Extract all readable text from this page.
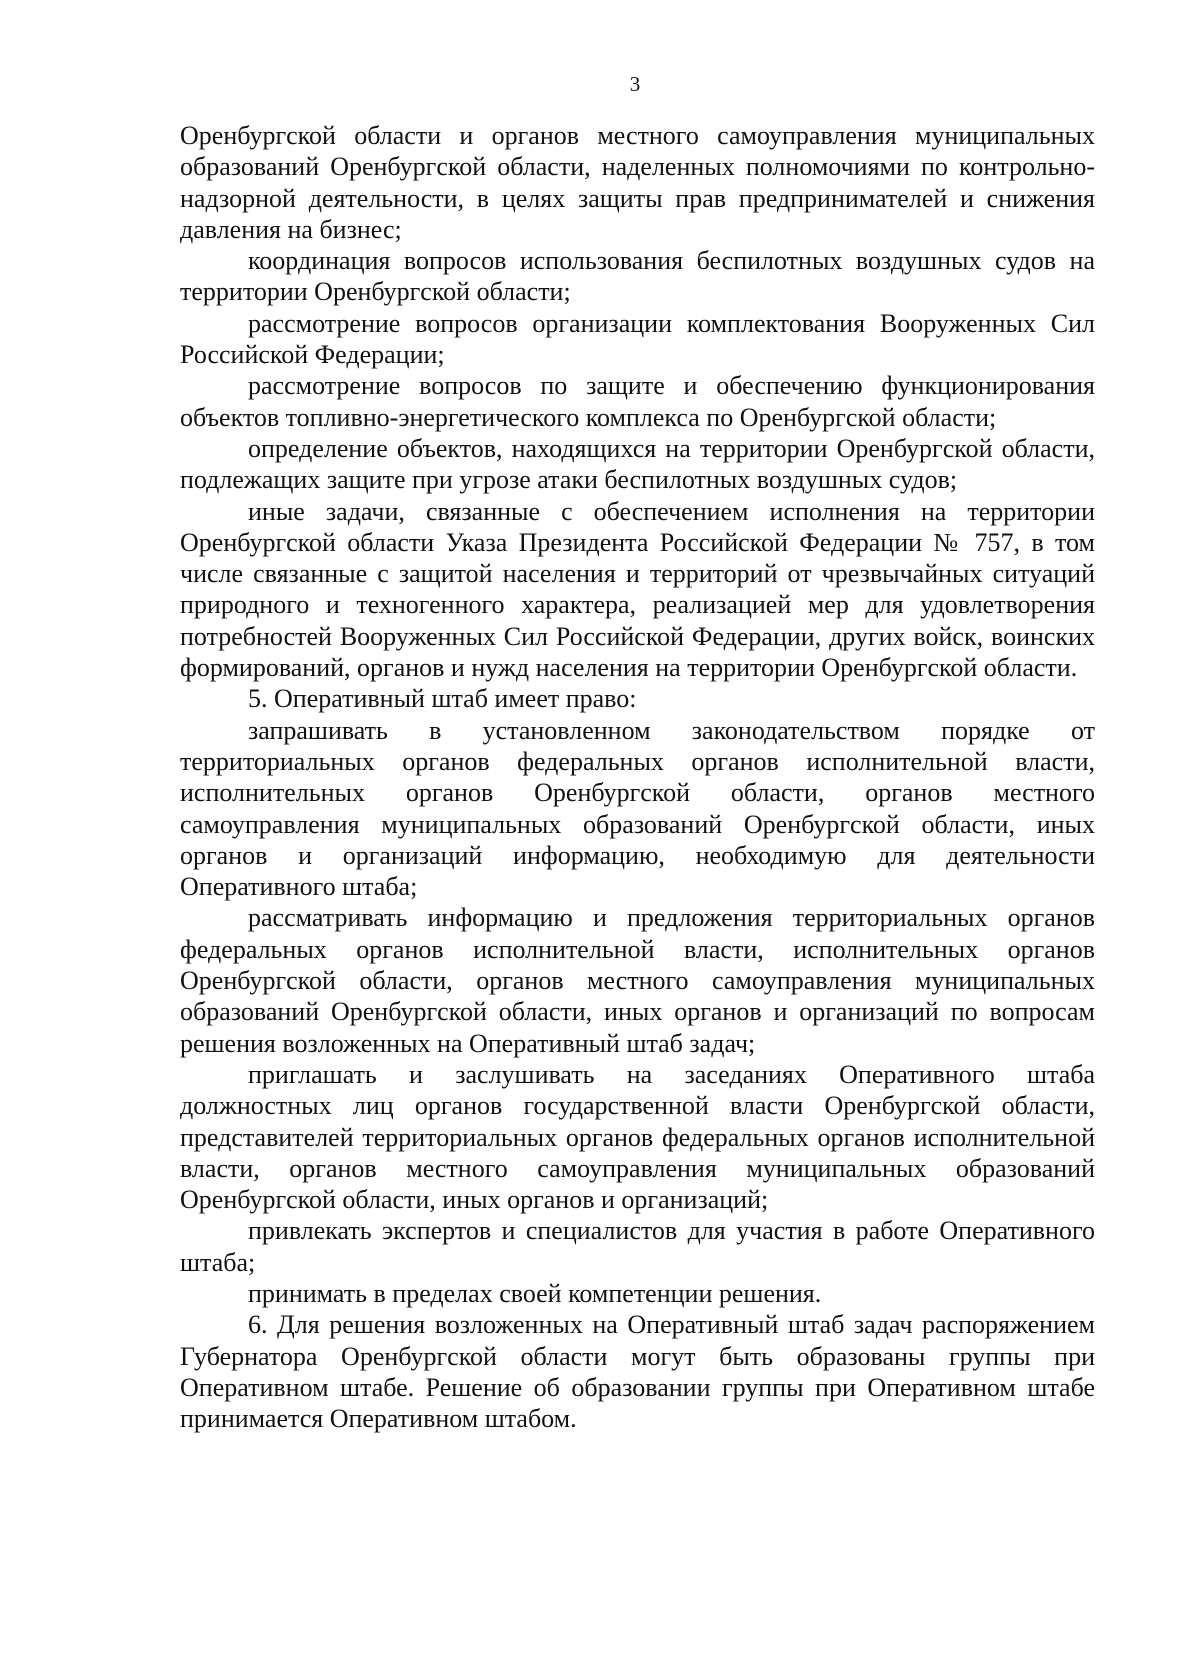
3

Оренбургской области и органов местного самоуправления муниципальных образований Оренбургской области, наделенных полномочиями по контрольно-надзорной деятельности, в целях защиты прав предпринимателей и снижения давления на бизнес;

координация вопросов использования беспилотных воздушных судов на территории Оренбургской области;

рассмотрение вопросов организации комплектования Вооруженных Сил Российской Федерации;

рассмотрение вопросов по защите и обеспечению функционирования объектов топливно-энергетического комплекса по Оренбургской области;

определение объектов, находящихся на территории Оренбургской области, подлежащих защите при угрозе атаки беспилотных воздушных судов;

иные задачи, связанные с обеспечением исполнения на территории Оренбургской области Указа Президента Российской Федерации № 757, в том числе связанные с защитой населения и территорий от чрезвычайных ситуаций природного и техногенного характера, реализацией мер для удовлетворения потребностей Вооруженных Сил Российской Федерации, других войск, воинских формирований, органов и нужд населения на территории Оренбургской области.

5. Оперативный штаб имеет право:

запрашивать в установленном законодательством порядке от территориальных органов федеральных органов исполнительной власти, исполнительных органов Оренбургской области, органов местного самоуправления муниципальных образований Оренбургской области, иных органов и организаций информацию, необходимую для деятельности Оперативного штаба;

рассматривать информацию и предложения территориальных органов федеральных органов исполнительной власти, исполнительных органов Оренбургской области, органов местного самоуправления муниципальных образований Оренбургской области, иных органов и организаций по вопросам решения возложенных на Оперативный штаб задач;

приглашать и заслушивать на заседаниях Оперативного штаба должностных лиц органов государственной власти Оренбургской области, представителей территориальных органов федеральных органов исполнительной власти, органов местного самоуправления муниципальных образований Оренбургской области, иных органов и организаций;

привлекать экспертов и специалистов для участия в работе Оперативного штаба;

принимать в пределах своей компетенции решения.

6. Для решения возложенных на Оперативный штаб задач распоряжением Губернатора Оренбургской области могут быть образованы группы при Оперативном штабе. Решение об образовании группы при Оперативном штабе принимается Оперативном штабом.
